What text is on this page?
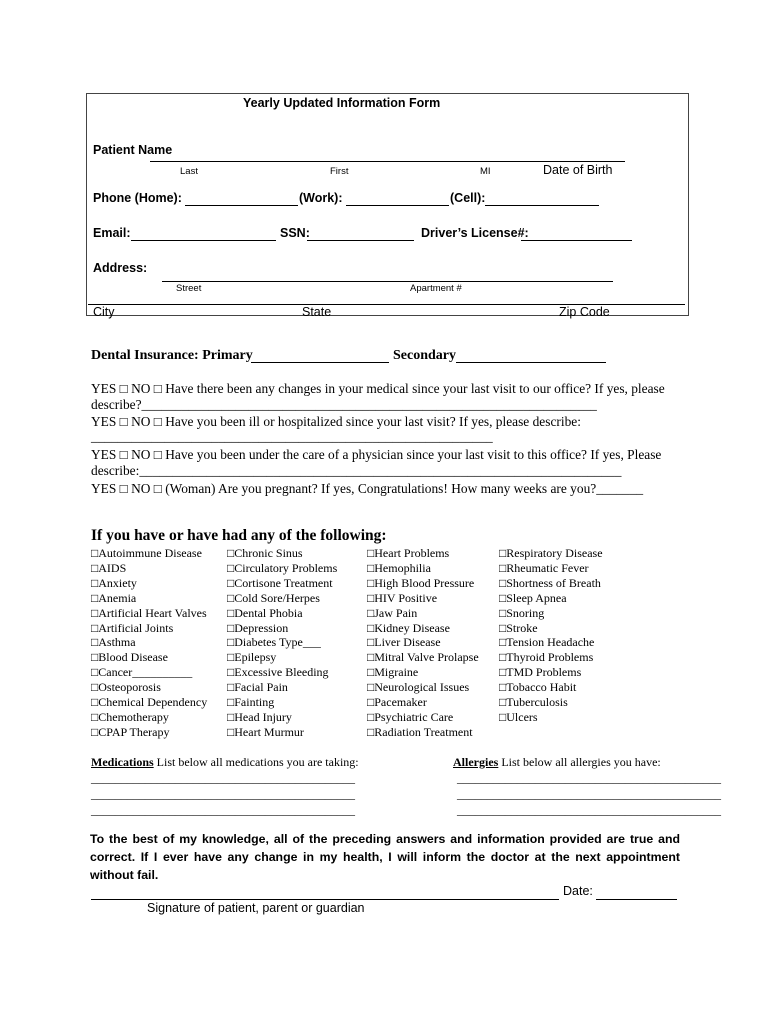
Yearly Updated Information Form
Patient Name
Last	First	MI	Date of Birth
Phone (Home):	(Work):	(Cell):
Email:	SSN:	Driver’s License#:
Address:
Street	Apartment #
City	State	Zip Code
Dental Insurance: Primary	Secondary
YES □ NO □ Have there been any changes in your medical since your last visit to our office? If yes, please
describe?____________________________________________________________________
YES □ NO □ Have you been ill or hospitalized since your last visit? If yes, please describe:
____________________________________________________________
YES □ NO □ Have you been under the care of a physician since your last visit to this office? If yes, Please
describe:________________________________________________________________________
YES □ NO □ (Woman) Are you pregnant? If yes, Congratulations! How many weeks are you?_______
If you have or have had any of the following:
□Autoimmune Disease
□AIDS
□Anxiety
□Anemia
□Artificial Heart Valves
□Artificial Joints
□Asthma
□Blood Disease
□Cancer__________
□Osteoporosis
□Chemical Dependency
□Chemotherapy
□CPAP Therapy
□Chronic Sinus
□Circulatory Problems
□Cortisone Treatment
□Cold Sore/Herpes
□Dental Phobia
□Depression
□Diabetes Type___
□Epilepsy
□Excessive Bleeding
□Facial Pain
□Fainting
□Head Injury
□Heart Murmur
□Heart Problems
□Hemophilia
□High Blood Pressure
□HIV Positive
□Jaw Pain
□Kidney Disease
□Liver Disease
□Mitral Valve Prolapse
□Migraine
□Neurological Issues
□Pacemaker
□Psychiatric Care
□Radiation Treatment
□Respiratory Disease
□Rheumatic Fever
□Shortness of Breath
□Sleep Apnea
□Snoring
□Stroke
□Tension Headache
□Thyroid Problems
□TMD Problems
□Tobacco Habit
□Tuberculosis
□Ulcers
Medications List below all medications you are taking:
____________________________________________
____________________________________________
____________________________________________
Allergies List below all allergies you have:
____________________________________________
____________________________________________
____________________________________________
To the best of my knowledge, all of the preceding answers and information provided are true and correct. If I ever have any change in my health, I will inform the doctor at the next appointment without fail.
Date:
Signature of patient, parent or guardian
